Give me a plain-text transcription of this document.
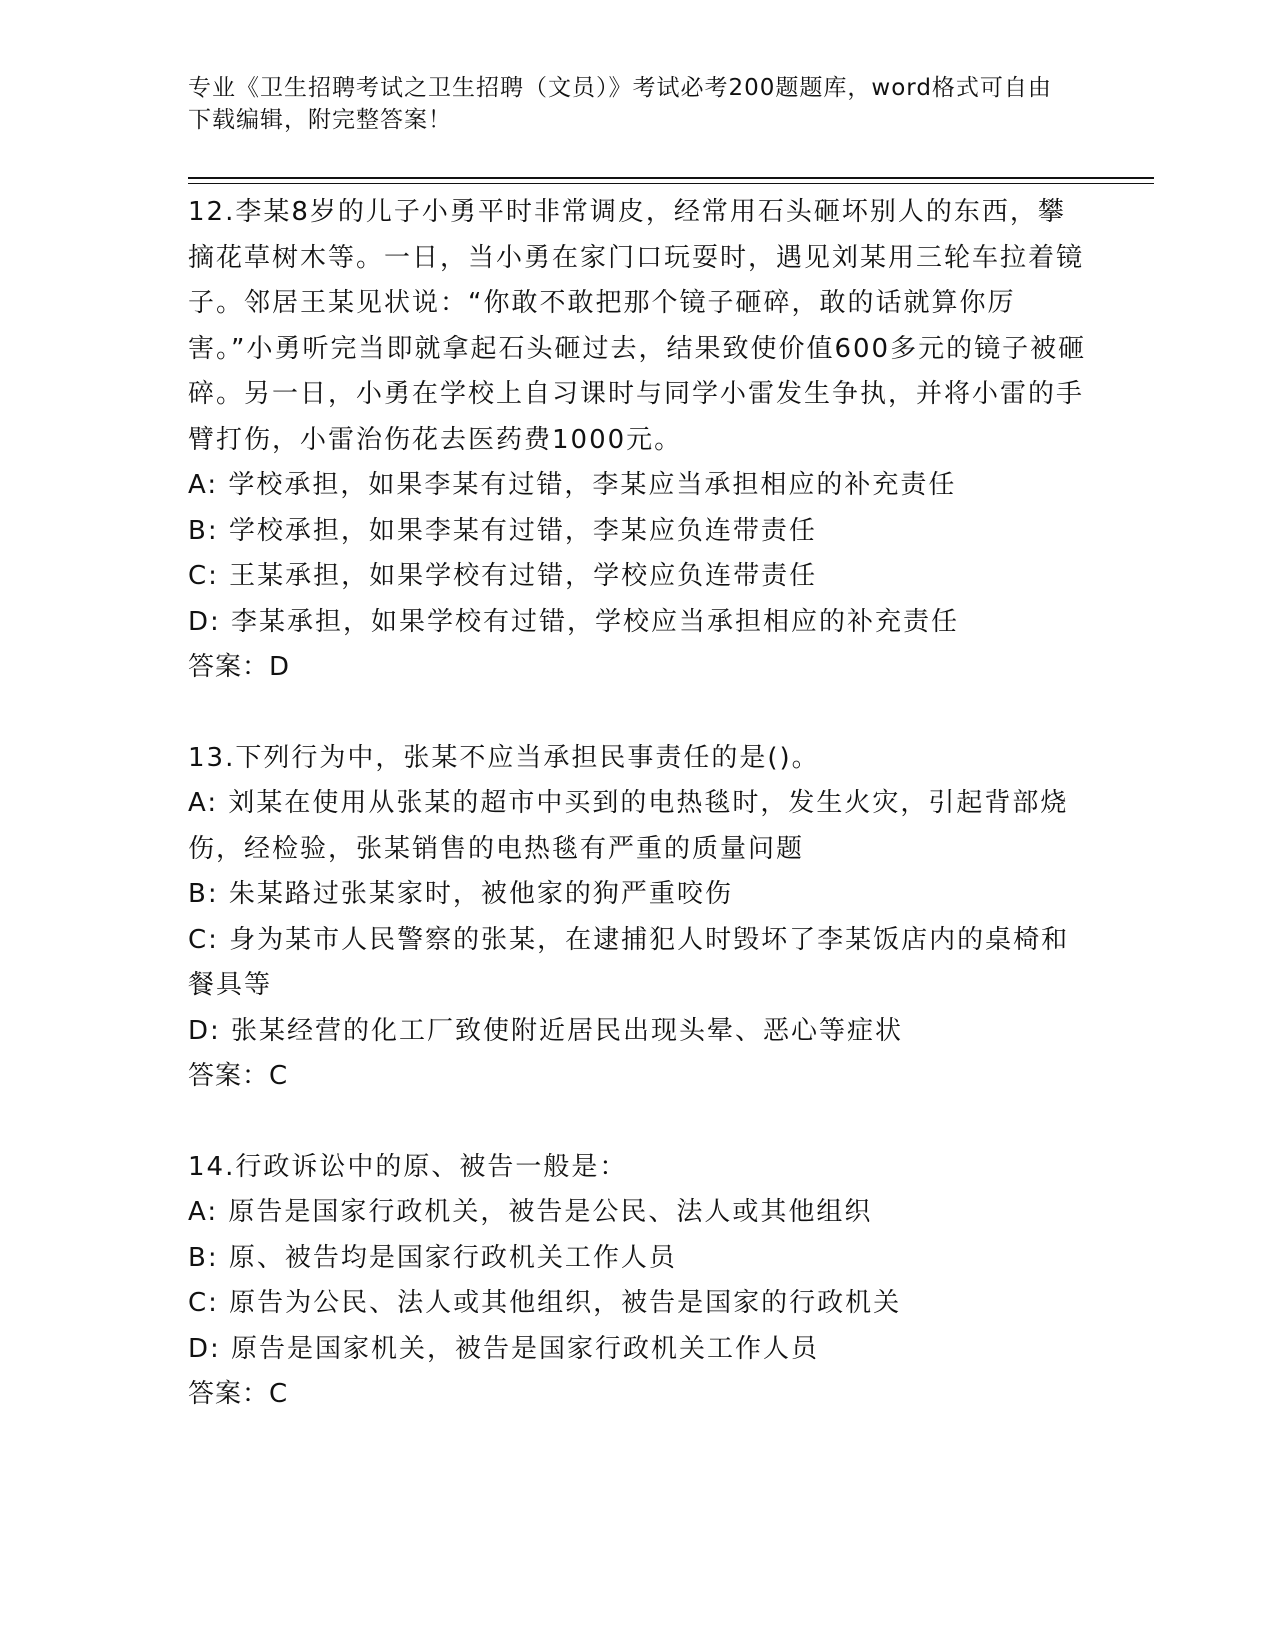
专业《卫生招聘考试之卫生招聘（文员）》考试必考200题题库，word格式可自由下载编辑，附完整答案！

12.李某8岁的儿子小勇平时非常调皮，经常用石头砸坏别人的东西，攀摘花草树木等。一日，当小勇在家门口玩耍时，遇见刘某用三轮车拉着镜子。邻居王某见状说：“你敢不敢把那个镜子砸碎，敢的话就算你厉害。”小勇听完当即就拿起石头砸过去，结果致使价值600多元的镜子被砸碎。另一日，小勇在学校上自习课时与同学小雷发生争执，并将小雷的手臂打伤，小雷治伤花去医药费1000元。

A: 学校承担，如果李某有过错，李某应当承担相应的补充责任

B: 学校承担，如果李某有过错，李某应负连带责任

C: 王某承担，如果学校有过错，学校应负连带责任

D: 李某承担，如果学校有过错，学校应当承担相应的补充责任

答案：D

13.下列行为中，张某不应当承担民事责任的是()。

A: 刘某在使用从张某的超市中买到的电热毯时，发生火灾，引起背部烧伤，经检验，张某销售的电热毯有严重的质量问题

B: 朱某路过张某家时，被他家的狗严重咬伤

C: 身为某市人民警察的张某，在逮捕犯人时毁坏了李某饭店内的桌椅和餐具等

D: 张某经营的化工厂致使附近居民出现头晕、恶心等症状

答案：C

14.行政诉讼中的原、被告一般是：

A: 原告是国家行政机关，被告是公民、法人或其他组织

B: 原、被告均是国家行政机关工作人员

C: 原告为公民、法人或其他组织，被告是国家的行政机关

D: 原告是国家机关，被告是国家行政机关工作人员

答案：C
